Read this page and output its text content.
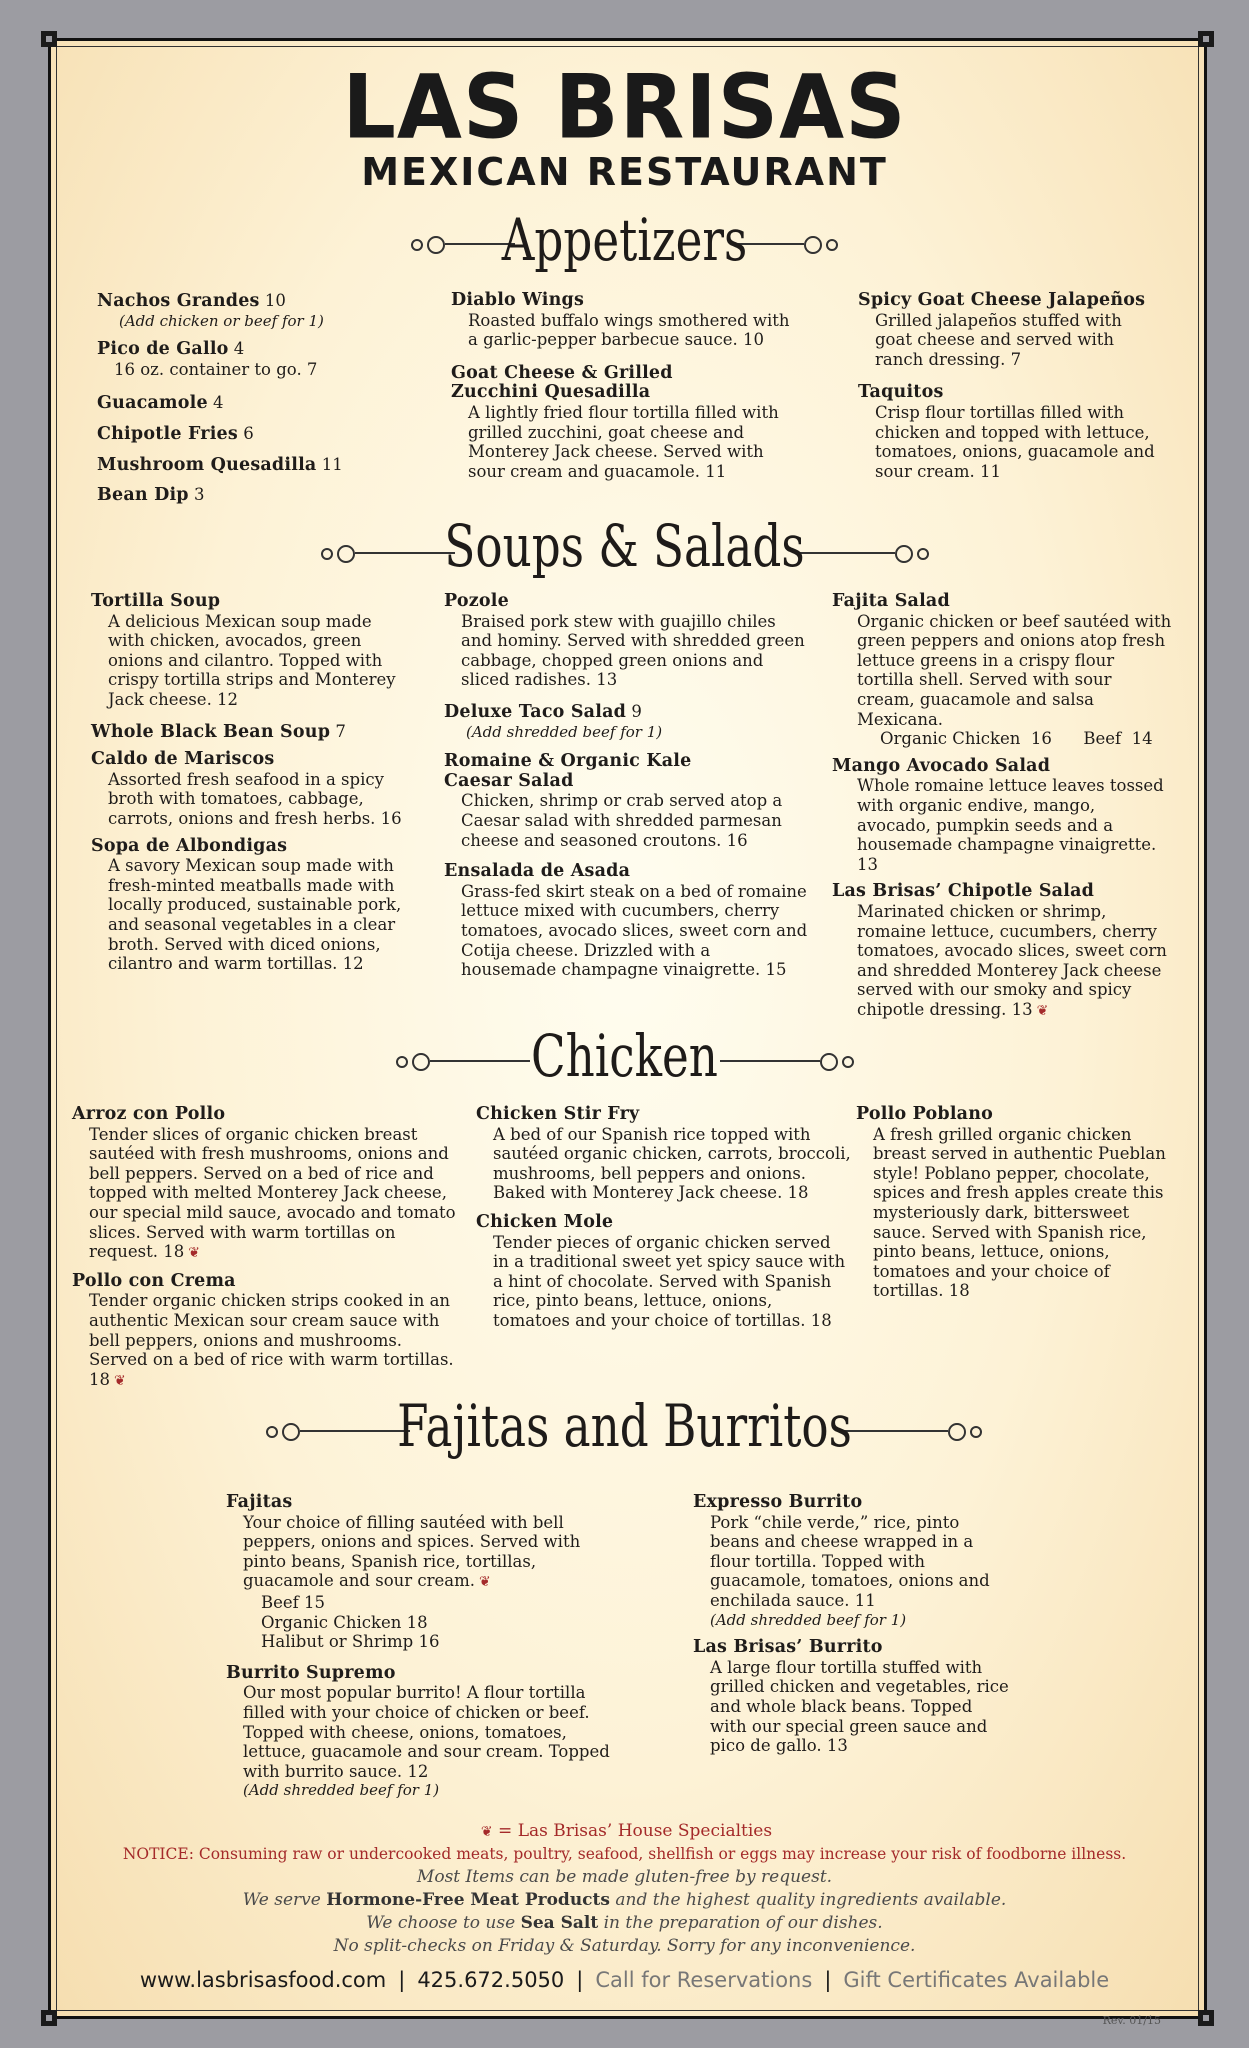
LAS BRISAS
MEXICAN RESTAURANT
Appetizers
Nachos Grandes 10
(Add chicken or beef for 1)
Pico de Gallo 4
16 oz. container to go. 7
Guacamole 4
Chipotle Fries 6
Mushroom Quesadilla 11
Bean Dip 3
Diablo Wings
Roasted buffalo wings smothered with a garlic-pepper barbecue sauce. 10
Goat Cheese & Grilled Zucchini Quesadilla
A lightly fried flour tortilla filled with grilled zucchini, goat cheese and Monterey Jack cheese. Served with sour cream and guacamole. 11
Spicy Goat Cheese Jalapeños
Grilled jalapeños stuffed with goat cheese and served with ranch dressing. 7
Taquitos
Crisp flour tortillas filled with chicken and topped with lettuce, tomatoes, onions, guacamole and sour cream. 11
Soups & Salads
Tortilla Soup
A delicious Mexican soup made with chicken, avocados, green onions and cilantro. Topped with crispy tortilla strips and Monterey Jack cheese. 12
Whole Black Bean Soup 7
Caldo de Mariscos
Assorted fresh seafood in a spicy broth with tomatoes, cabbage, carrots, onions and fresh herbs. 16
Sopa de Albondigas
A savory Mexican soup made with fresh-minted meatballs made with locally produced, sustainable pork, and seasonal vegetables in a clear broth. Served with diced onions, cilantro and warm tortillas. 12
Pozole
Braised pork stew with guajillo chiles and hominy. Served with shredded green cabbage, chopped green onions and sliced radishes. 13
Deluxe Taco Salad 9
(Add shredded beef for 1)
Romaine & Organic Kale Caesar Salad
Chicken, shrimp or crab served atop a Caesar salad with shredded parmesan cheese and seasoned croutons. 16
Ensalada de Asada
Grass-fed skirt steak on a bed of romaine lettuce mixed with cucumbers, cherry tomatoes, avocado slices, sweet corn and Cotija cheese. Drizzled with a housemade champagne vinaigrette. 15
Fajita Salad
Organic chicken or beef sautéed with green peppers and onions atop fresh lettuce greens in a crispy flour tortilla shell. Served with sour cream, guacamole and salsa Mexicana.
Organic Chicken  16      Beef  14
Mango Avocado Salad
Whole romaine lettuce leaves tossed with organic endive, mango, avocado, pumpkin seeds and a housemade champagne vinaigrette. 13
Las Brisas’ Chipotle Salad
Marinated chicken or shrimp, romaine lettuce, cucumbers, cherry tomatoes, avocado slices, sweet corn and shredded Monterey Jack cheese served with our smoky and spicy chipotle dressing. 13 ❦
Chicken
Arroz con Pollo
Tender slices of organic chicken breast sautéed with fresh mushrooms, onions and bell peppers. Served on a bed of rice and topped with melted Monterey Jack cheese, our special mild sauce, avocado and tomato slices. Served with warm tortillas on request. 18 ❦
Pollo con Crema
Tender organic chicken strips cooked in an authentic Mexican sour cream sauce with bell peppers, onions and mushrooms. Served on a bed of rice with warm tortillas. 18 ❦
Chicken Stir Fry
A bed of our Spanish rice topped with sautéed organic chicken, carrots, broccoli, mushrooms, bell peppers and onions. Baked with Monterey Jack cheese. 18
Chicken Mole
Tender pieces of organic chicken served in a traditional sweet yet spicy sauce with a hint of chocolate. Served with Spanish rice, pinto beans, lettuce, onions, tomatoes and your choice of tortillas. 18
Pollo Poblano
A fresh grilled organic chicken breast served in authentic Pueblan style! Poblano pepper, chocolate, spices and fresh apples create this mysteriously dark, bittersweet sauce. Served with Spanish rice, pinto beans, lettuce, onions, tomatoes and your choice of tortillas. 18
Fajitas and Burritos
Fajitas
Your choice of filling sautéed with bell peppers, onions and spices. Served with pinto beans, Spanish rice, tortillas, guacamole and sour cream. ❦
Beef 15
Organic Chicken 18
Halibut or Shrimp 16
Burrito Supremo
Our most popular burrito! A flour tortilla filled with your choice of chicken or beef. Topped with cheese, onions, tomatoes, lettuce, guacamole and sour cream. Topped with burrito sauce. 12
(Add shredded beef for 1)
Expresso Burrito
Pork “chile verde,” rice, pinto beans and cheese wrapped in a flour tortilla. Topped with guacamole, tomatoes, onions and enchilada sauce. 11
(Add shredded beef for 1)
Las Brisas’ Burrito
A large flour tortilla stuffed with grilled chicken and vegetables, rice and whole black beans. Topped with our special green sauce and pico de gallo. 13
❦ = Las Brisas’ House Specialties
NOTICE: Consuming raw or undercooked meats, poultry, seafood, shellfish or eggs may increase your risk of foodborne illness.
Most Items can be made gluten-free by request.
We serve Hormone-Free Meat Products and the highest quality ingredients available.
We choose to use Sea Salt in the preparation of our dishes.
No split-checks on Friday & Saturday. Sorry for any inconvenience.
www.lasbrisasfood.com | 425.672.5050 | Call for Reservations | Gift Certificates Available
Rev. 01/15
